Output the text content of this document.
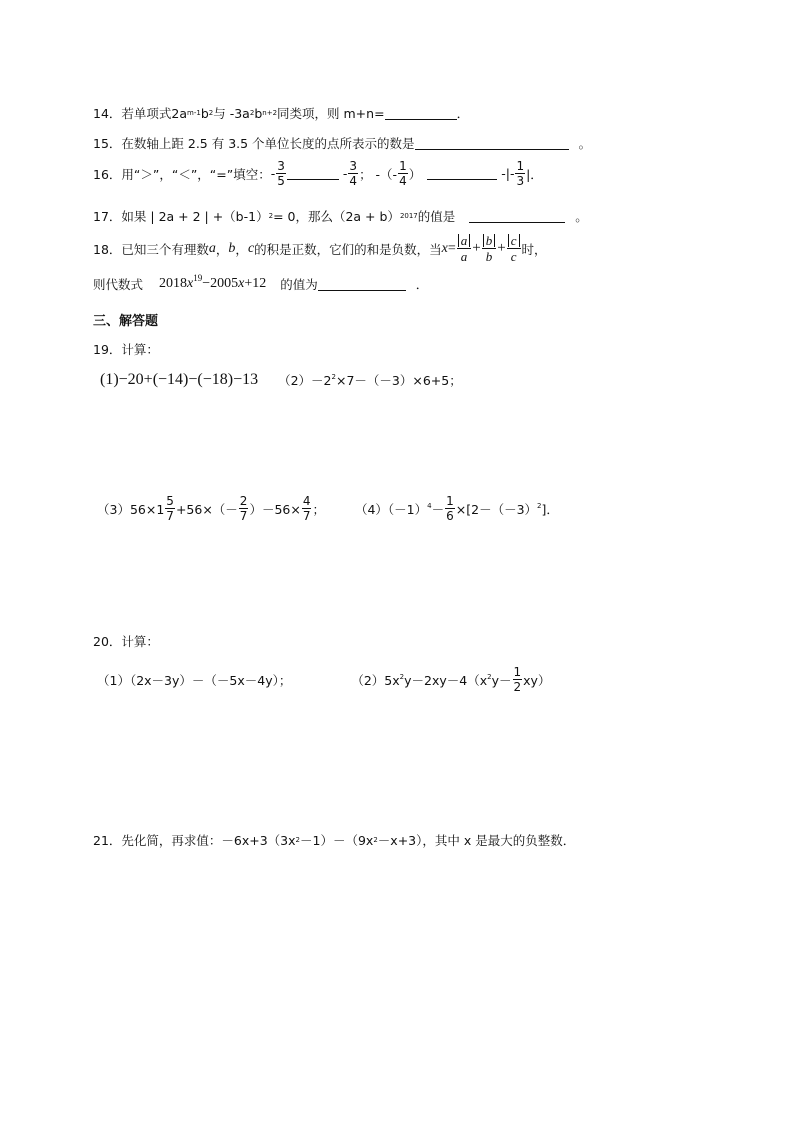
14．若单项式 2a m-1 b 2 与 -3a 2 b n+2 同类项，则 m+n=	．
15．在数轴上距 2.5 有 3.5 个单位长度的点所表示的数是	。
16．用“＞”，“＜”，“=”填空： - $\frac{3}{5}$	- $\frac{3}{4}$ ； -（- $\frac{1}{4}$ ）	-|- $\frac{1}{3}$ |．
17．如果 | 2a + 2 | +（b-1） 2 = 0，那么（2a + b） 2017 的值是	。
18．已知三个有理数 a ， b ， c 的积是正数，它们的和是负数，当 $x = \frac{a}{a} + \frac{b}{b} + \frac{c}{c}$ 时，
则代数式 $2018x^{19}-2005x+12$ 的值为	．
三、解答题
19．计算：
(1)−20+(−14)−(−18)−13 $(2)-2^2\times 7-(-3)\times 6+5$；
$(3)56\times 1 \frac{5}{7} +56\times(- \frac{2}{7} )-56\times \frac{4}{7}$ ； $(4)(-1)^4- \frac{1}{6} \times[2-(-3)^2]$．
20．计算：
（1）（2x－3y）－（－5x－4y）；	$(2)5x^2y-2xy-4(x^2y- \frac{1}{2} xy)$
21．先化简，再求值：－6x+3（3x 2 －1）－（9x 2 －x+3），其中 x 是最大的负整数．
